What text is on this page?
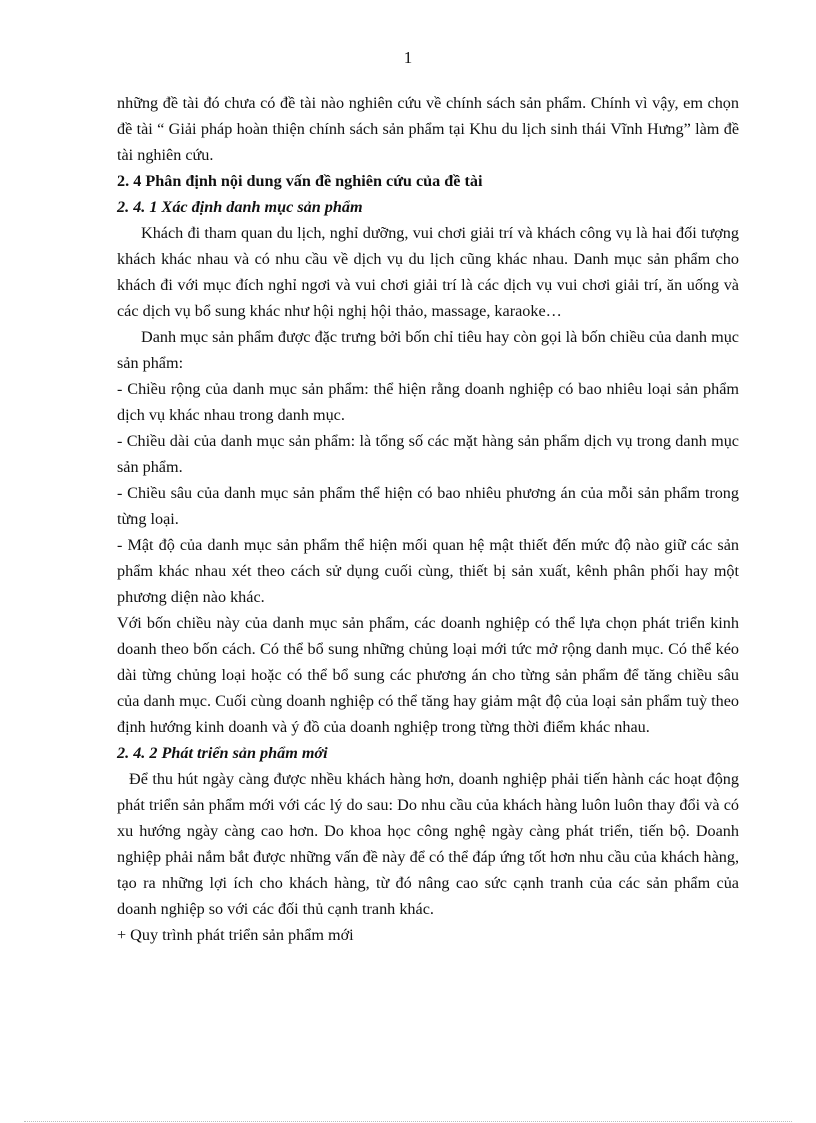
1

những đề tài đó chưa có đề tài nào nghiên cứu về chính sách sản phẩm. Chính vì vậy, em chọn đề tài “ Giải pháp hoàn thiện chính sách sản phẩm tại Khu du lịch sinh thái Vĩnh Hưng” làm đề tài nghiên cứu.

2. 4 Phân định nội dung vấn đề nghiên cứu của đề tài

2. 4. 1 Xác định danh mục sản phẩm

Khách đi tham quan du lịch, nghỉ dưỡng, vui chơi giải trí và khách công vụ là hai đối tượng khách khác nhau và có nhu cầu về dịch vụ du lịch cũng khác nhau. Danh mục sản phẩm cho khách đi với mục đích nghỉ ngơi và vui chơi giải trí là các dịch vụ vui chơi giải trí, ăn uống và các dịch vụ bổ sung khác như hội nghị hội thảo, massage, karaoke…

Danh mục sản phẩm được đặc trưng bởi bốn chỉ tiêu hay còn gọi là bốn chiều của danh mục sản phẩm:

- Chiều rộng của danh mục sản phẩm: thể hiện rằng doanh nghiệp có bao nhiêu loại sản phẩm dịch vụ khác nhau trong danh mục.

- Chiều dài của danh mục sản phẩm: là tổng số các mặt hàng sản phẩm dịch vụ trong danh mục sản phẩm.

- Chiều sâu của danh mục sản phẩm thể hiện có bao nhiêu phương án của mỗi sản phẩm trong từng loại.

- Mật độ của danh mục sản phẩm thể hiện mối quan hệ mật thiết đến mức độ nào giữ các sản phẩm khác nhau xét theo cách sử dụng cuối cùng, thiết bị sản xuất, kênh phân phối hay một phương diện nào khác.

Với bốn chiều này của danh mục sản phẩm, các doanh nghiệp có thể lựa chọn phát triển kinh doanh theo bốn cách. Có thể bổ sung những chủng loại mới tức mở rộng danh mục. Có thể kéo dài từng chủng loại hoặc có thể bổ sung các phương án cho từng sản phẩm để tăng chiều sâu của danh mục. Cuối cùng doanh nghiệp có thể tăng hay giảm mật độ của loại sản phẩm tuỳ theo định hướng kinh doanh và ý đồ của doanh nghiệp trong từng thời điểm khác nhau.

2. 4. 2 Phát triển sản phẩm mới

Để thu hút ngày càng được nhều khách hàng hơn, doanh nghiệp phải tiến hành các hoạt động phát triển sản phẩm mới với các lý do sau: Do nhu cầu của khách hàng luôn luôn thay đổi và có xu hướng ngày càng cao hơn. Do khoa học công nghệ ngày càng phát triển, tiến bộ. Doanh nghiệp phải nắm bắt được những vấn đề này để có thể đáp ứng tốt hơn nhu cầu của khách hàng, tạo ra những lợi ích cho khách hàng, từ đó nâng cao sức cạnh tranh của các sản phẩm của doanh nghiệp so với các đối thủ cạnh tranh khác.

+ Quy trình phát triển sản phẩm mới
